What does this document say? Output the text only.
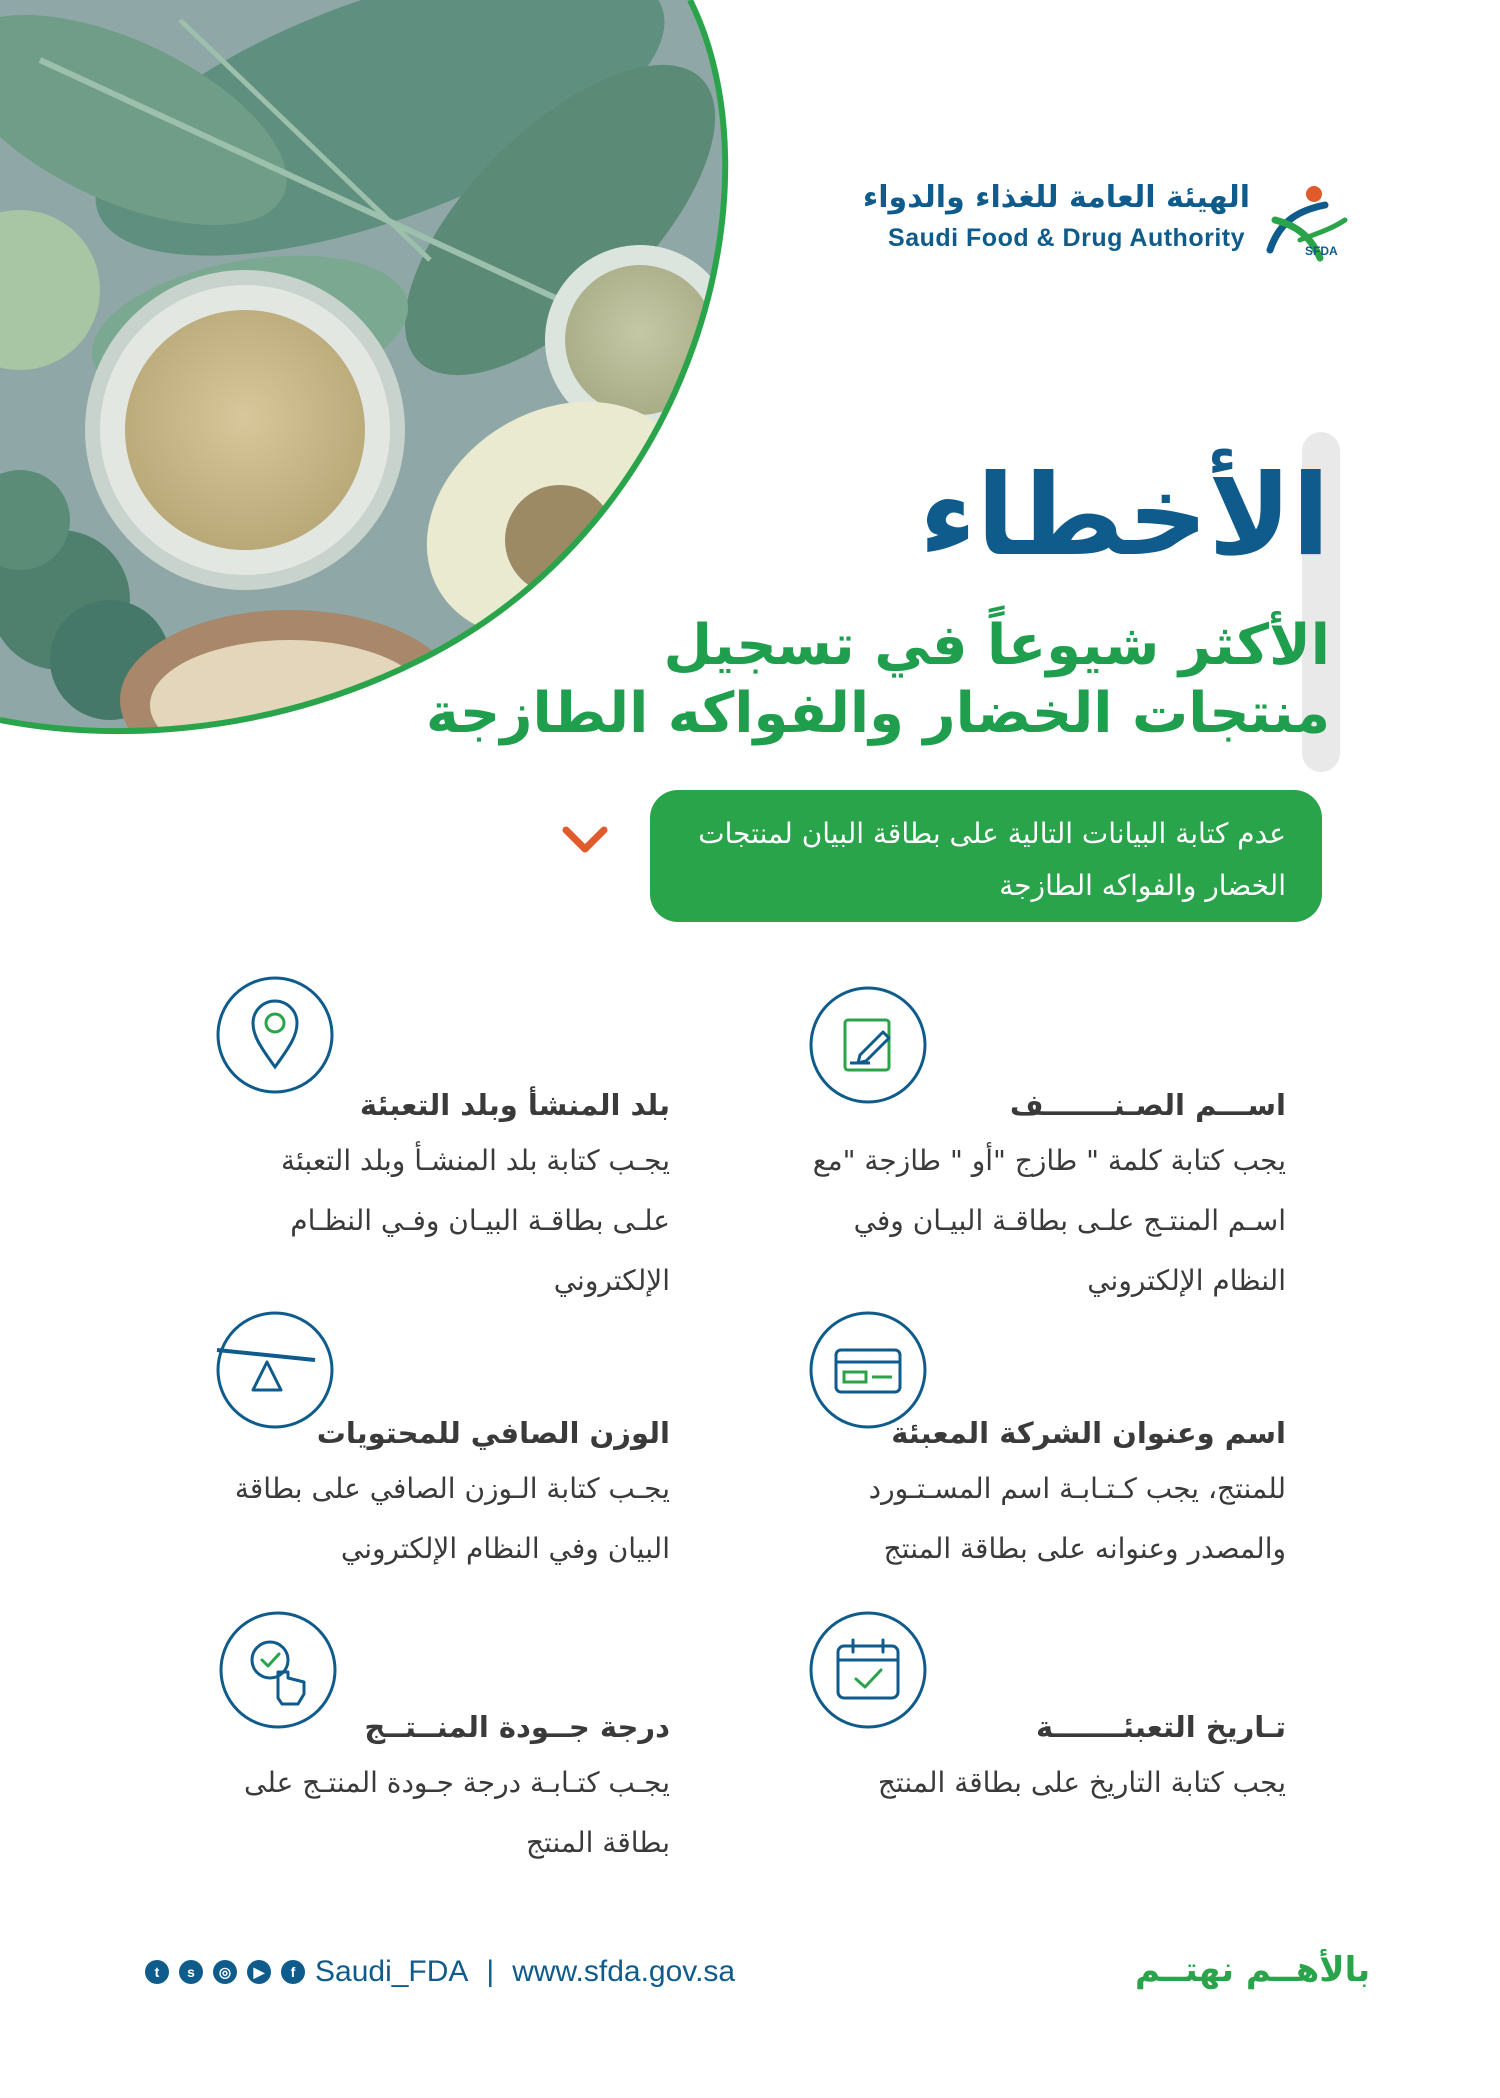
الهيئة العامة للغذاء والدواء
Saudi Food & Drug Authority	SFDA
الأخطاء
الأكثر شيوعاً في تسجيل
منتجات الخضار والفواكه الطازجة
عدم كتابة البيانات التالية على بطاقة البيان لمنتجات
الخضار والفواكه الطازجة
اســـم الصـنـــــــف
يجب كتابة كلمة " طازج "أو " طازجة "مع
اسـم المنتـج علـى بطاقـة البيـان وفي
النظام الإلكتروني
بلد المنشأ وبلد التعبئة
يجـب كتابة بلد المنشـأ وبلد التعبئة
علـى بطاقـة البيـان وفـي النظـام
الإلكتروني
اسم وعنوان الشركة المعبئة
للمنتج، يجب كـتـابـة اسم المسـتـورد
والمصدر وعنوانه على بطاقة المنتج
الوزن الصافي للمحتويات
يجـب كتابة الـوزن الصافي على بطاقة
البيان وفي النظام الإلكتروني
تـاريخ التعبئـــــــة
يجب كتابة التاريخ على بطاقة المنتج
درجة جــودة المنــتــج
يجـب كتـابـة درجة جـودة المنتـج على
بطاقة المنتج
بالأهــم نهتــم
t	s	◎	▶	f Saudi_FDA | www.sfda.gov.sa
